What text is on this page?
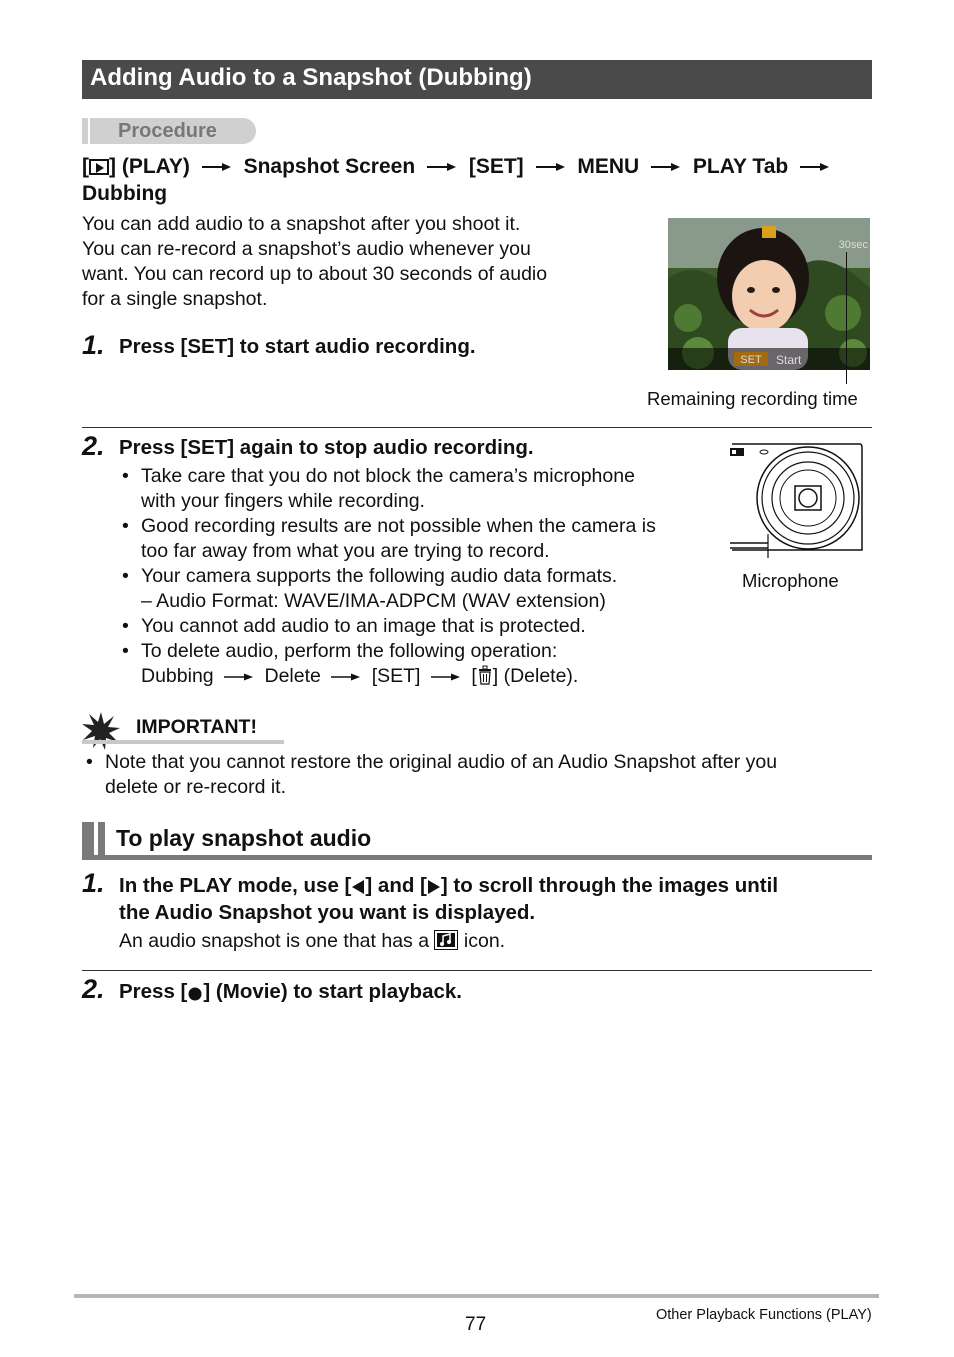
Adding Audio to a Snapshot (Dubbing)
Procedure
[ ] (PLAY)	Snapshot Screen	[SET]	MENU	PLAY Tab
Dubbing
You can add audio to a snapshot after you shoot it.
You can re-record a snapshot’s audio whenever you
want. You can record up to about 30 seconds of audio
for a single snapshot.
SET Start
30sec
Remaining recording time
1. Press [SET] to start audio recording.
2. Press [SET] again to stop audio recording.
• Take care that you do not block the camera’s microphone
with your fingers while recording.
• Good recording results are not possible when the camera is
too far away from what you are trying to record.
• Your camera supports the following audio data formats.
– Audio Format: WAVE/IMA-ADPCM (WAV extension)
• You cannot add audio to an image that is protected.
• To delete audio, perform the following operation:
Dubbing	Delete	[SET]	[ ] (Delete).
Microphone
IMPORTANT!
• Note that you cannot restore the original audio of an Audio Snapshot after you
delete or re-record it.
To play snapshot audio
1. In the PLAY mode, use [ ] and [ ] to scroll through the images until
the Audio Snapshot you want is displayed.
An audio snapshot is one that has a icon.
2. Press [ ] (Movie) to start playback.
77	Other Playback Functions (PLAY)
